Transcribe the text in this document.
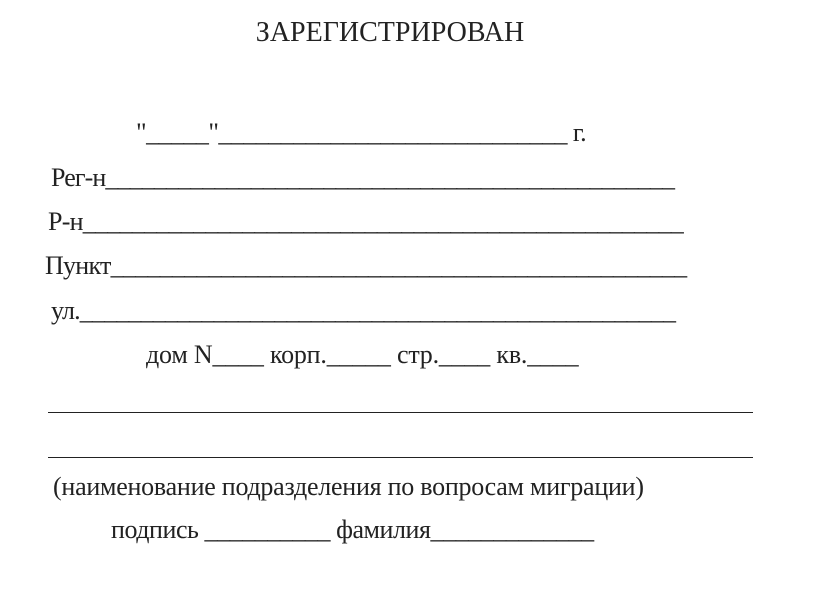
ЗАРЕГИСТРИРОВАН
"_____"____________________________ г.
Рег-н_______________________________________________
Р-н_________________________________________________
Пункт_______________________________________________
ул._________________________________________________
дом N____ корп._____ стр.____ кв.____
(наименование подразделения по вопросам миграции)
подпись __________ фамилия_____________
